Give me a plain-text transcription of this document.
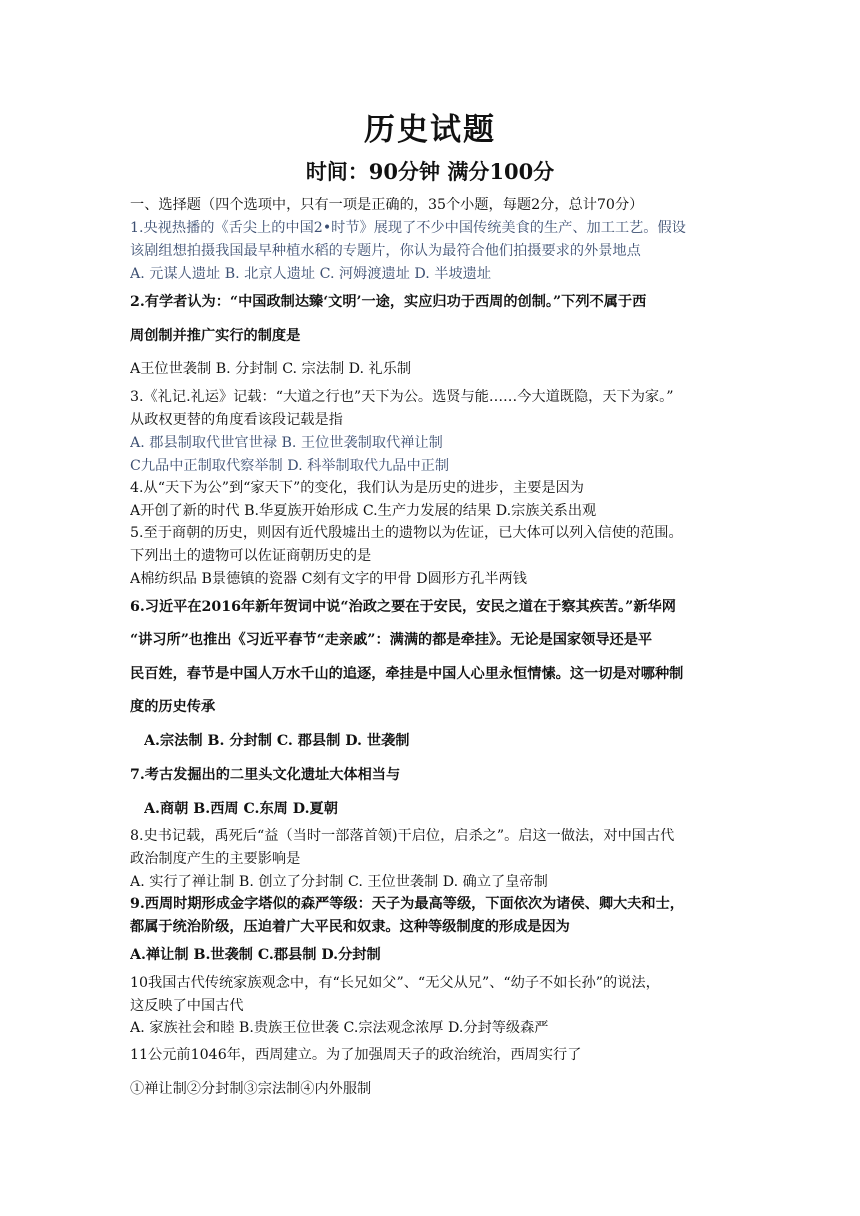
历史试题
时间：90分钟 满分100分
一、选择题（四个选项中，只有一项是正确的，35个小题，每题2分，总计70分）
1.央视热播的《舌尖上的中国2•时节》展现了不少中国传统美食的生产、加工工艺。假设
该剧组想拍摄我国最早种植水稻的专题片，你认为最符合他们拍摄要求的外景地点
A. 元谋人遗址 B. 北京人遗址 C. 河姆渡遗址 D. 半坡遗址
2.有学者认为：“中国政制达臻‘文明’一途，实应归功于西周的创制。”下列不属于西
周创制并推广实行的制度是
A王位世袭制 B. 分封制 C. 宗法制 D. 礼乐制
3.《礼记.礼运》记载：“大道之行也”天下为公。选贤与能……今大道既隐，天下为家。”
从政权更替的角度看该段记载是指
A. 郡县制取代世官世禄 B. 王位世袭制取代禅让制
C九品中正制取代察举制 D. 科举制取代九品中正制
4.从“天下为公”到“家天下”的变化，我们认为是历史的进步，主要是因为
A开创了新的时代 B.华夏族开始形成 C.生产力发展的结果 D.宗族关系出观
5.至于商朝的历史，则因有近代殷墟出土的遗物以为佐证，已大体可以列入信使的范围。
下列出土的遗物可以佐证商朝历史的是
A棉纺织品 B景德镇的瓷器 C刻有文字的甲骨 D圆形方孔半两钱
6.习近平在2016年新年贺词中说“治政之要在于安民，安民之道在于察其疾苦。”新华网
“讲习所”也推出《习近平春节“走亲戚”：满满的都是牵挂》。无论是国家领导还是平
民百姓，春节是中国人万水千山的追逐，牵挂是中国人心里永恒情愫。这一切是对哪种制
度的历史传承
A.宗法制 B. 分封制 C. 郡县制 D. 世袭制
7.考古发掘出的二里头文化遗址大体相当与
A.商朝 B.西周 C.东周 D.夏朝
8.史书记载，禹死后“益（当时一部落首领)干启位，启杀之”。启这一做法，对中国古代
政治制度产生的主要影响是
A. 实行了禅让制 B. 创立了分封制 C. 王位世袭制 D. 确立了皇帝制
9.西周时期形成金字塔似的森严等级：天子为最高等级，下面依次为诸侯、卿大夫和士，
都属于统治阶级，压迫着广大平民和奴隶。这种等级制度的形成是因为
A.禅让制 B.世袭制 C.郡县制 D.分封制
10我国古代传统家族观念中，有“长兄如父”、“无父从兄”、“幼子不如长孙”的说法，
这反映了中国古代
A. 家族社会和睦 B.贵族王位世袭 C.宗法观念浓厚 D.分封等级森严
11公元前1046年，西周建立。为了加强周天子的政治统治，西周实行了
①禅让制②分封制③宗法制④内外服制
